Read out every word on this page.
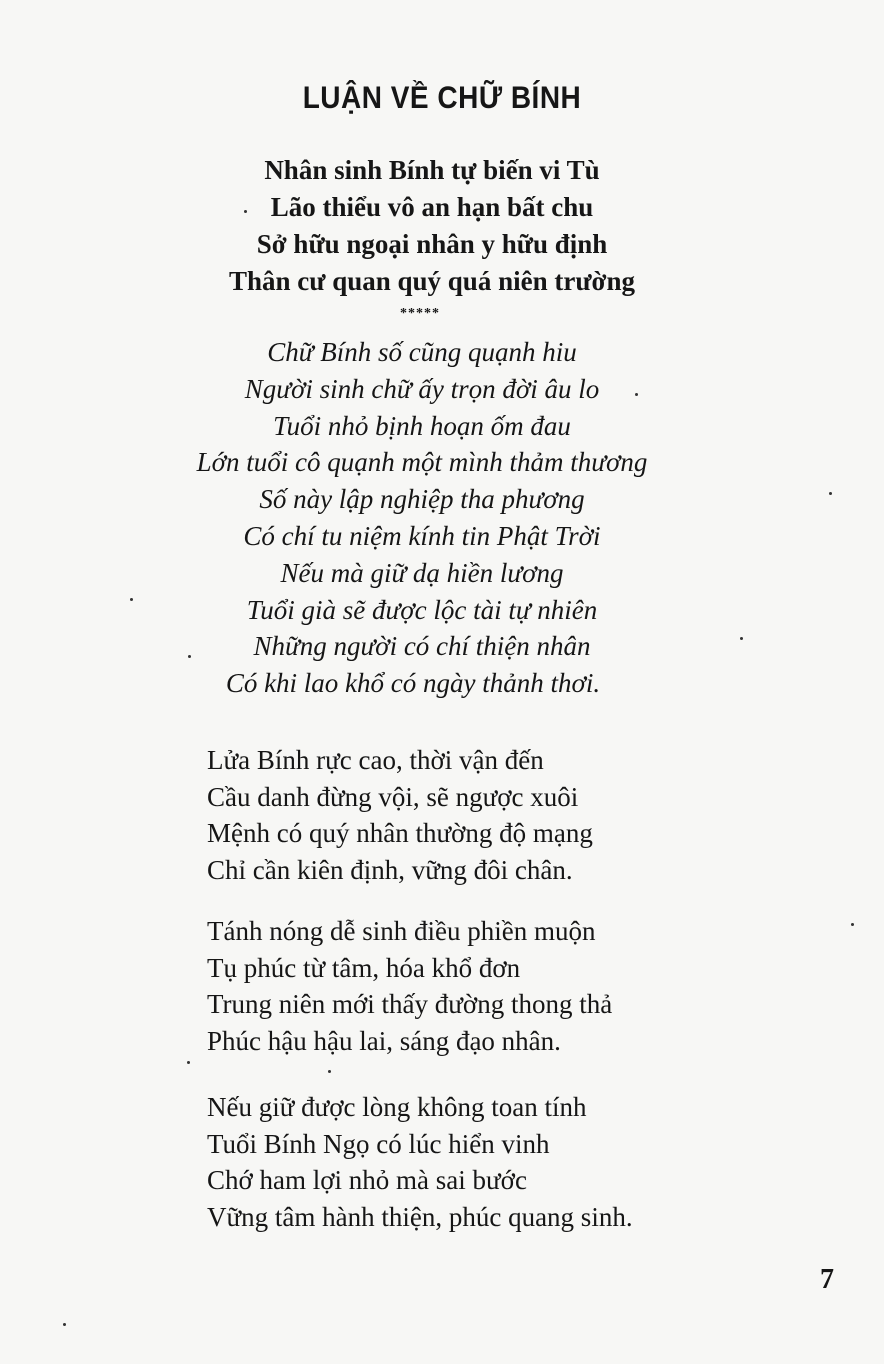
LUẬN VỀ CHỮ BÍNH
Nhân sinh Bính tự biến vi Tù
Lão thiểu vô an hạn bất chu
Sở hữu ngoại nhân y hữu định
Thân cư quan quý quá niên trường
*****
Chữ Bính số cũng quạnh hiu
Người sinh chữ ấy trọn đời âu lo
Tuổi nhỏ bịnh hoạn ốm đau
Lớn tuổi cô quạnh một mình thảm thương
Số này lập nghiệp tha phương
Có chí tu niệm kính tin Phật Trời
Nếu mà giữ dạ hiền lương
Tuổi già sẽ được lộc tài tự nhiên
Những người có chí thiện nhân
Có khi lao khổ có ngày thảnh thơi.
Lửa Bính rực cao, thời vận đến
Cầu danh đừng vội, sẽ ngược xuôi
Mệnh có quý nhân thường độ mạng
Chỉ cần kiên định, vững đôi chân.
Tánh nóng dễ sinh điều phiền muộn
Tụ phúc từ tâm, hóa khổ đơn
Trung niên mới thấy đường thong thả
Phúc hậu hậu lai, sáng đạo nhân.
Nếu giữ được lòng không toan tính
Tuổi Bính Ngọ có lúc hiển vinh
Chớ ham lợi nhỏ mà sai bước
Vững tâm hành thiện, phúc quang sinh.
7
